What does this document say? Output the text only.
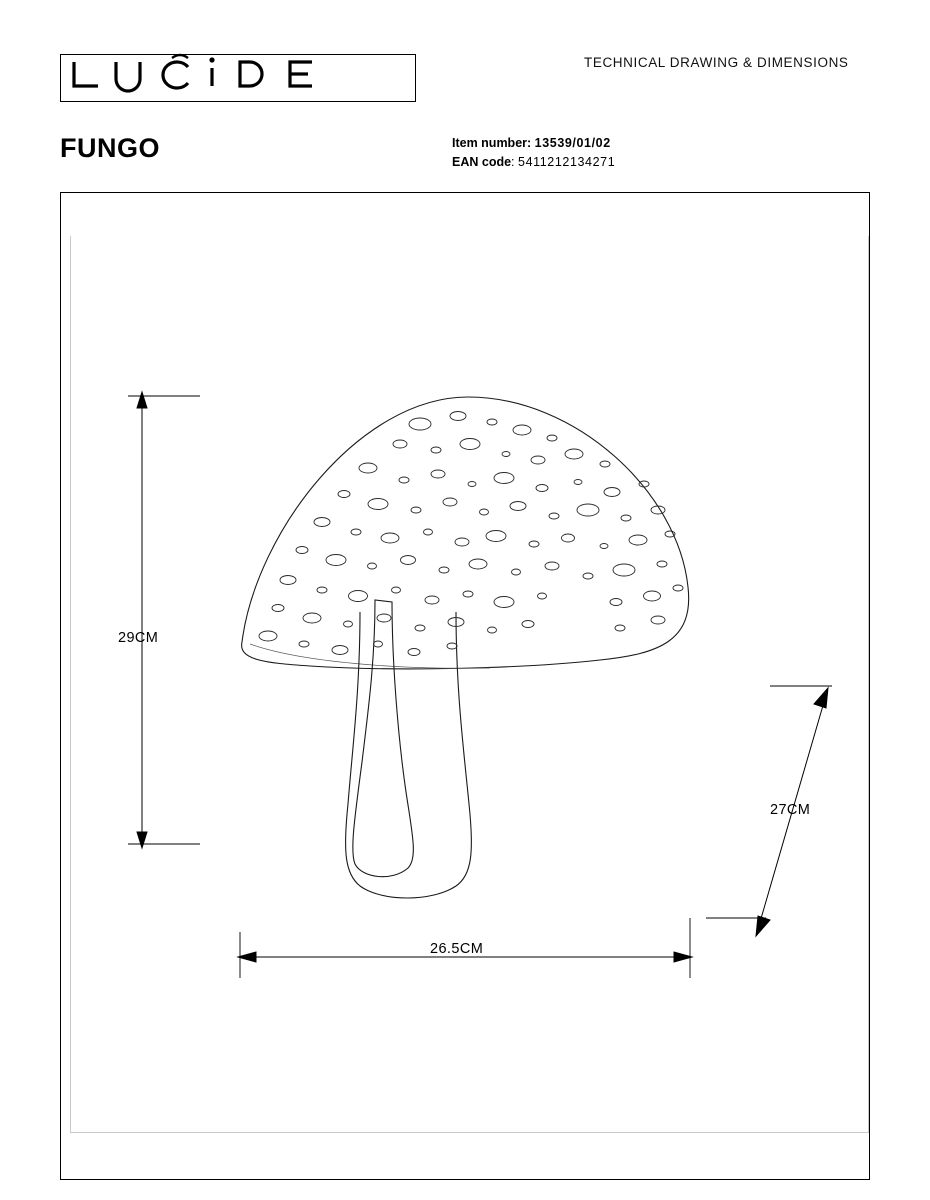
TECHNICAL DRAWING & DIMENSIONS
FUNGO	Item number: 13539/01/02
EAN code: 5411212134271
29CM
26.5CM
27CM
